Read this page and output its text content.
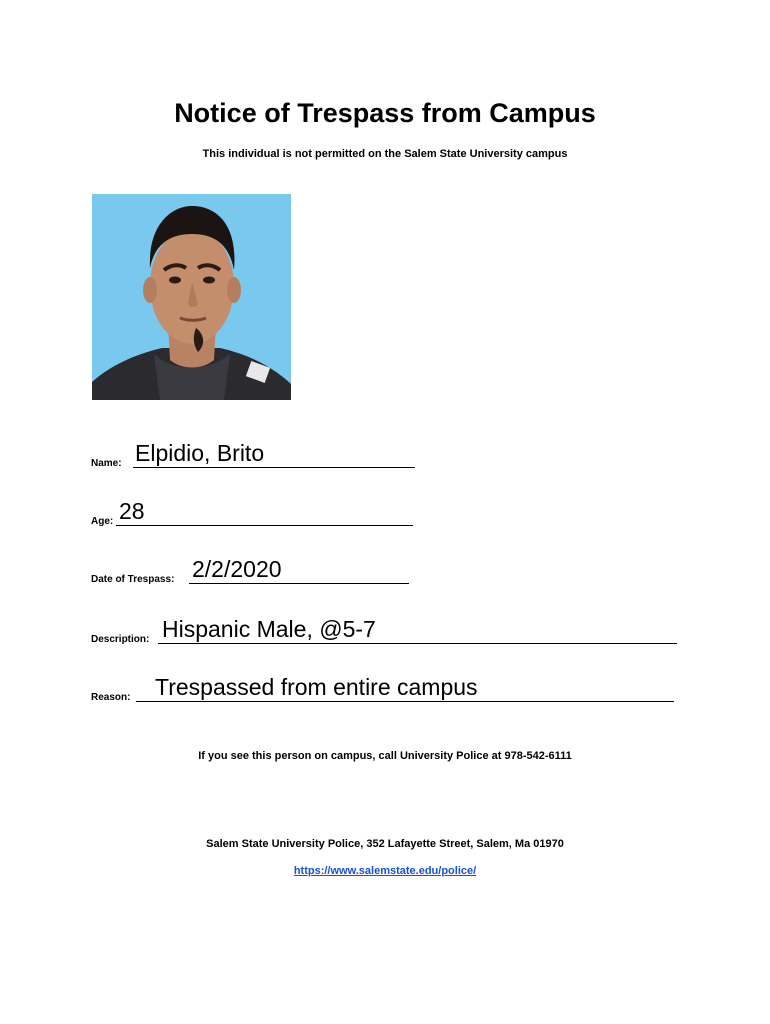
Notice of Trespass from Campus
This individual is not permitted on the Salem State University campus
Name: Elpidio, Brito
Age: 28
Date of Trespass: 2/2/2020
Description: Hispanic Male, @5-7
Reason: Trespassed from entire campus
If you see this person on campus, call University Police at 978-542-6111
Salem State University Police, 352 Lafayette Street, Salem, Ma 01970
https://www.salemstate.edu/police/
